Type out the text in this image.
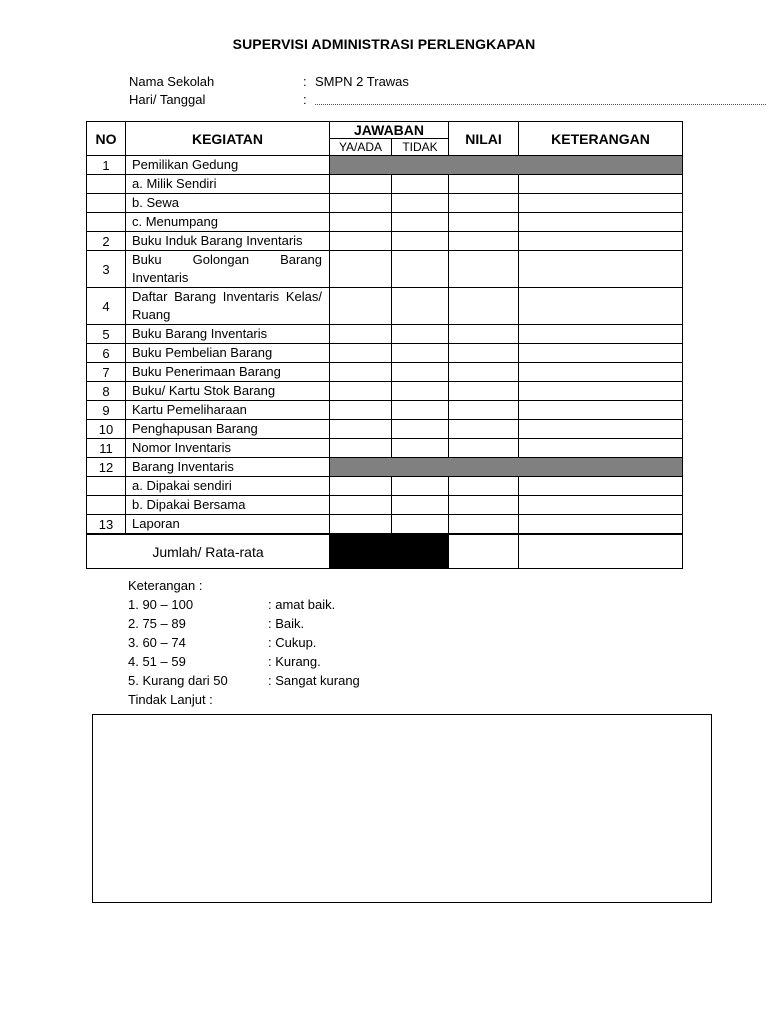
SUPERVISI ADMINISTRASI PERLENGKAPAN
Nama Sekolah	: SMPN 2 Trawas
Hari/ Tanggal	:
NO	KEGIATAN	JAWABAN		NILAI	KETERANGAN
		YA/ADA	TIDAK		
1	Pemilikan Gedung				
	a. Milik Sendiri				
	b. Sewa				
	c. Menumpang				
2	Buku Induk Barang Inventaris				
3	Buku Golongan Barang Inventaris				
4	Daftar Barang Inventaris Kelas/ Ruang				
5	Buku Barang Inventaris				
6	Buku Pembelian Barang				
7	Buku Penerimaan Barang				
8	Buku/ Kartu Stok Barang				
9	Kartu Pemeliharaan				
10	Penghapusan Barang				
11	Nomor Inventaris				
12	Barang Inventaris				
	a. Dipakai sendiri				
	b. Dipakai Bersama				
13	Laporan				
Jumlah/ Rata-rata					
Keterangan :
1. 90 – 100	: amat baik.
2. 75 – 89	: Baik.
3. 60 – 74	: Cukup.
4. 51 – 59	: Kurang.
5. Kurang dari 50	: Sangat kurang
Tindak Lanjut :
